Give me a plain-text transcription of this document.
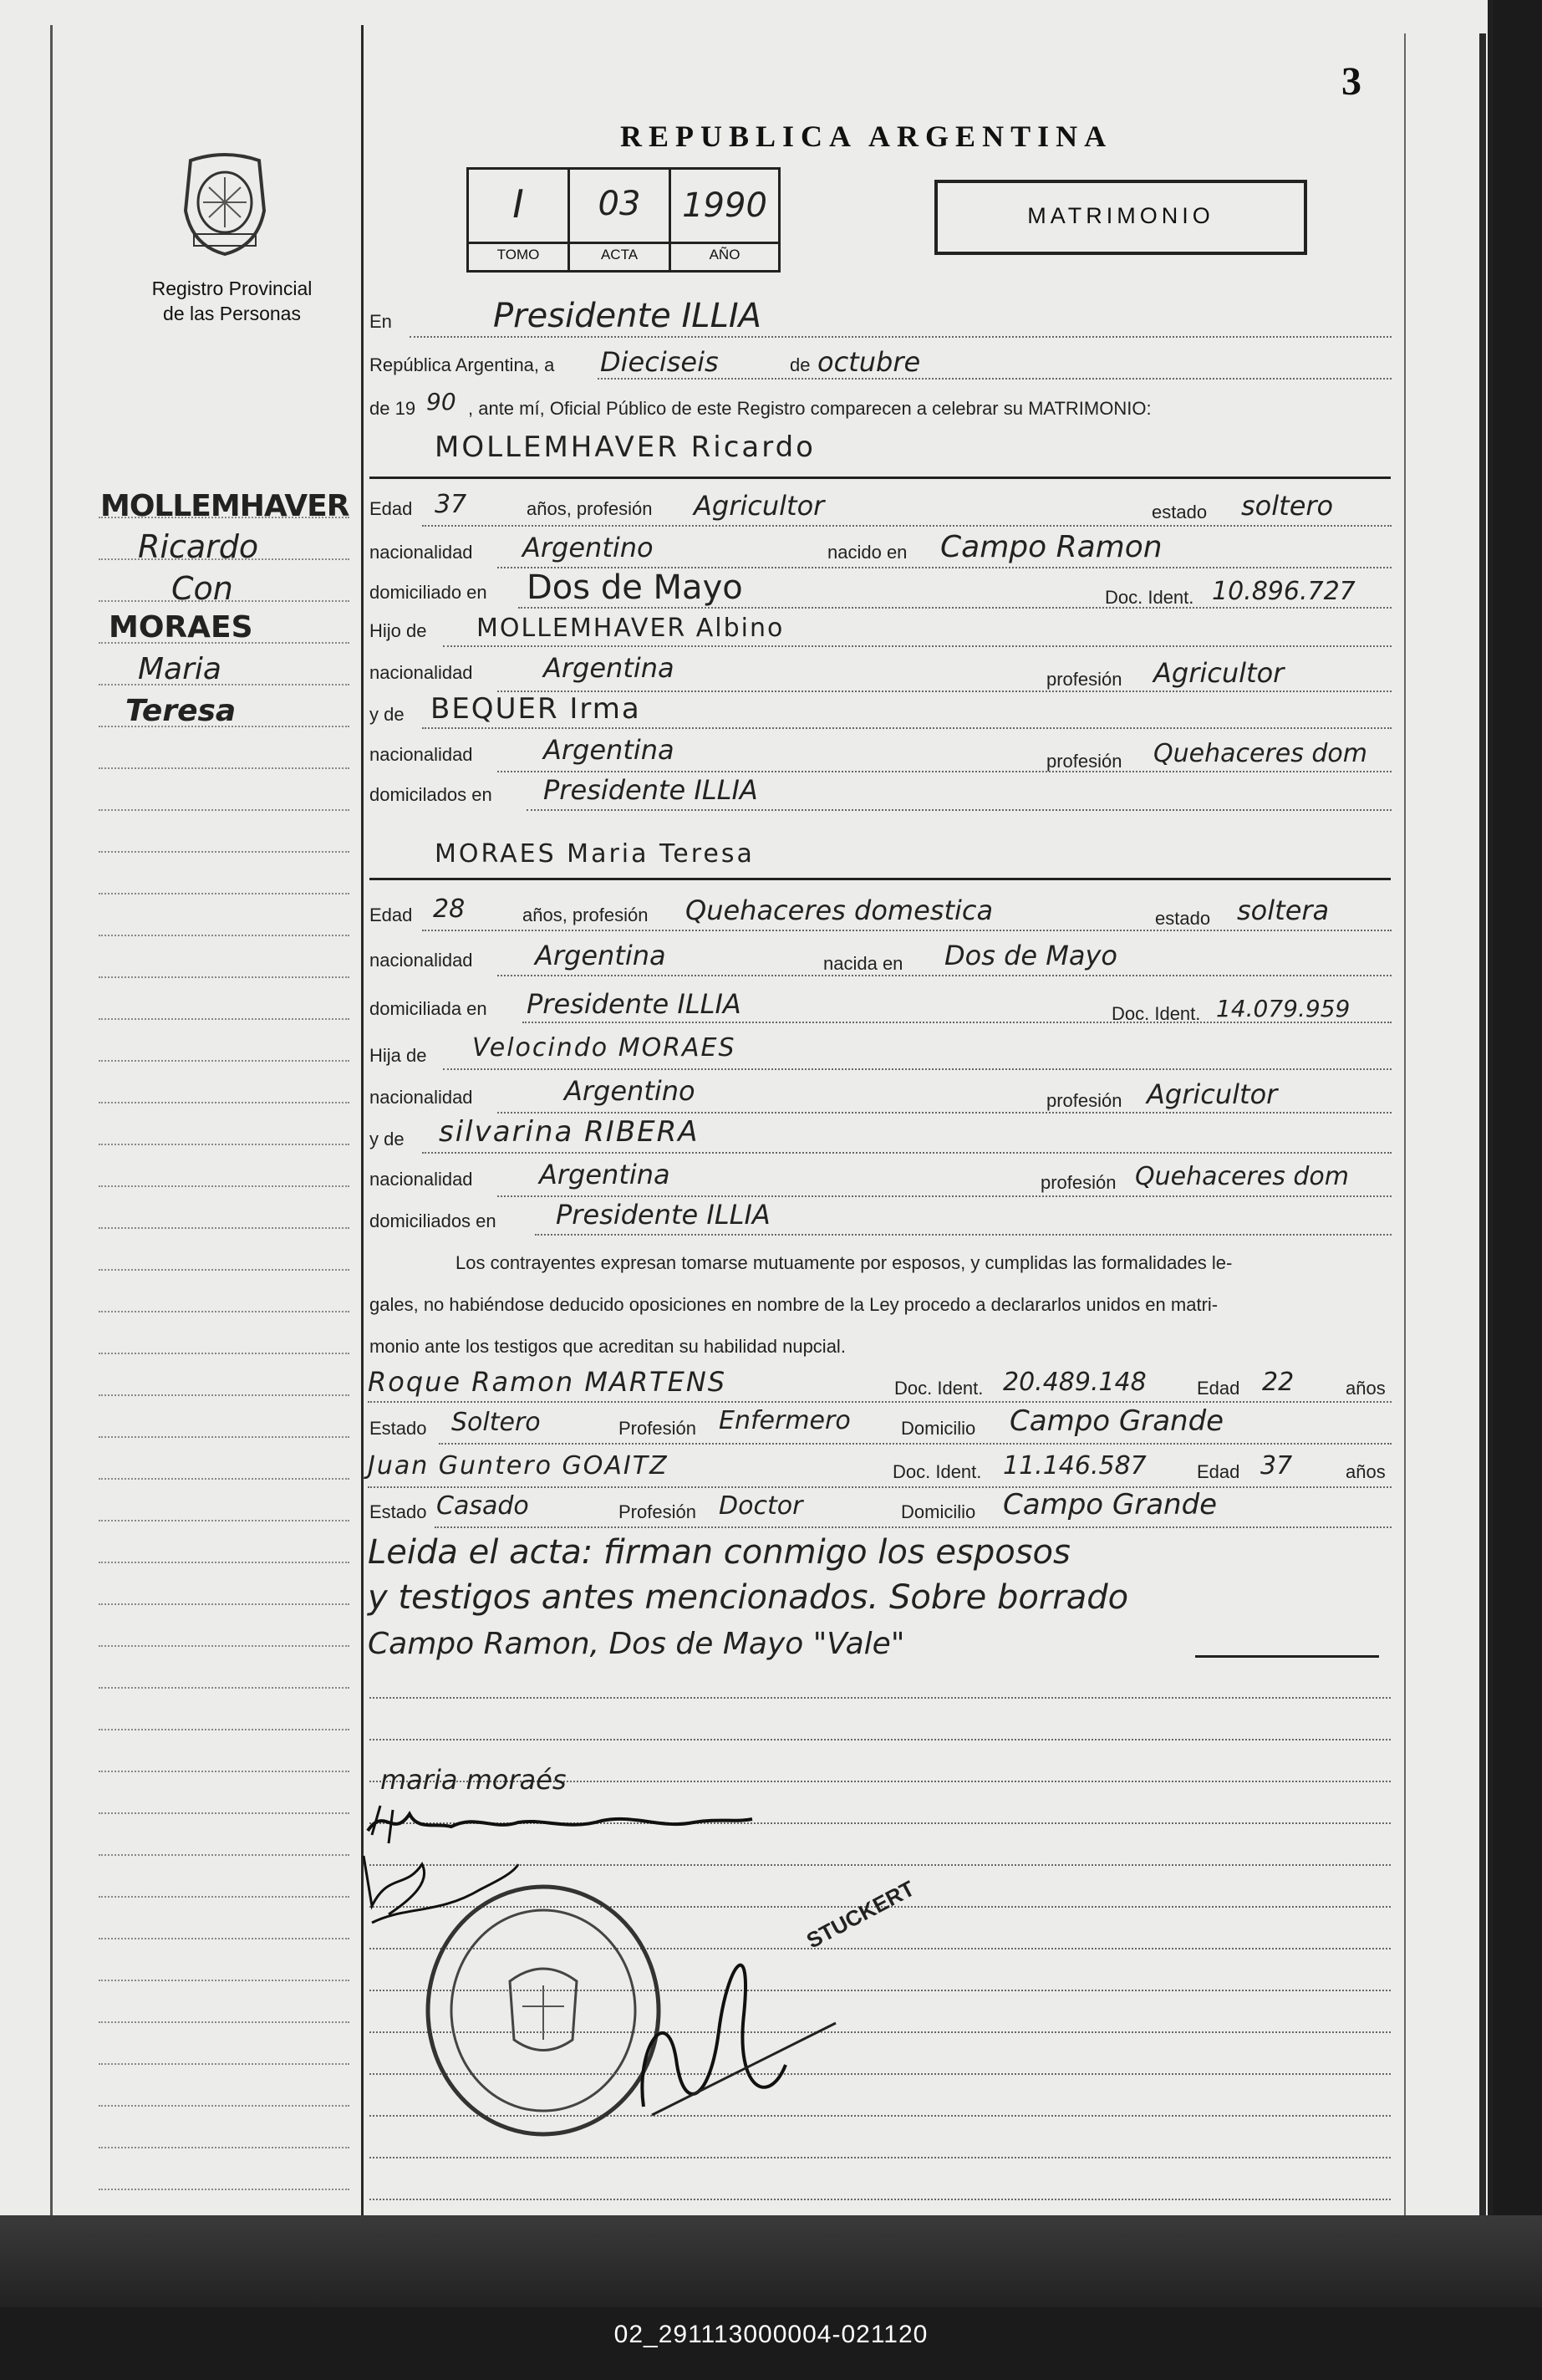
3
Registro Provincial
de las Personas
REPUBLICA ARGENTINA
I	03	1990
TOMO	ACTA	AÑO
MATRIMONIO
MOLLEMHAVER
Ricardo
Con
MORAES
Maria
Teresa
En	Presidente ILLIA
República Argentina, a Dieciseis	de octubre
de 19 90 , ante mí, Oficial Público de este Registro comparecen a celebrar su MATRIMONIO:
MOLLEMHAVER Ricardo
Edad 37	años, profesión Agricultor	estado soltero
nacionalidad Argentino	nacido en Campo Ramon
domiciliado en Dos de Mayo	Doc. Ident. 10.896.727
Hijo de MOLLEMHAVER Albino
nacionalidad	Argentina	profesión Agricultor
y de BEQUER Irma
nacionalidad	Argentina	profesión Quehaceres dom
domicilados en Presidente ILLIA
MORAES Maria Teresa
Edad 28	años, profesión Quehaceres domestica	estado soltera
nacionalidad Argentina	nacida en Dos de Mayo
domiciliada en Presidente ILLIA	Doc. Ident. 14.079.959
Hija de Velocindo MORAES
nacionalidad	Argentino	profesión Agricultor
y de silvarina RIBERA
nacionalidad Argentina	profesión Quehaceres dom
domiciliados en Presidente ILLIA
Los contrayentes expresan tomarse mutuamente por esposos, y cumplidas las formalidades le-
gales, no habiéndose deducido oposiciones en nombre de la Ley procedo a declararlos unidos en matri-
monio ante los testigos que acreditan su habilidad nupcial.
Roque Ramon MARTENS	Doc. Ident. 20.489.148	Edad 22	años
Estado Soltero	Profesión Enfermero	Domicilio Campo Grande
Juan Guntero GOAITZ	Doc. Ident. 11.146.587	Edad 37	años
Estado Casado	Profesión Doctor	Domicilio Campo Grande
Leida el acta: firman conmigo los esposos
y testigos antes mencionados. Sobre borrado
Campo Ramon, Dos de Mayo "Vale"
maria moraés
STUCKERT
02_291113000004-021120
